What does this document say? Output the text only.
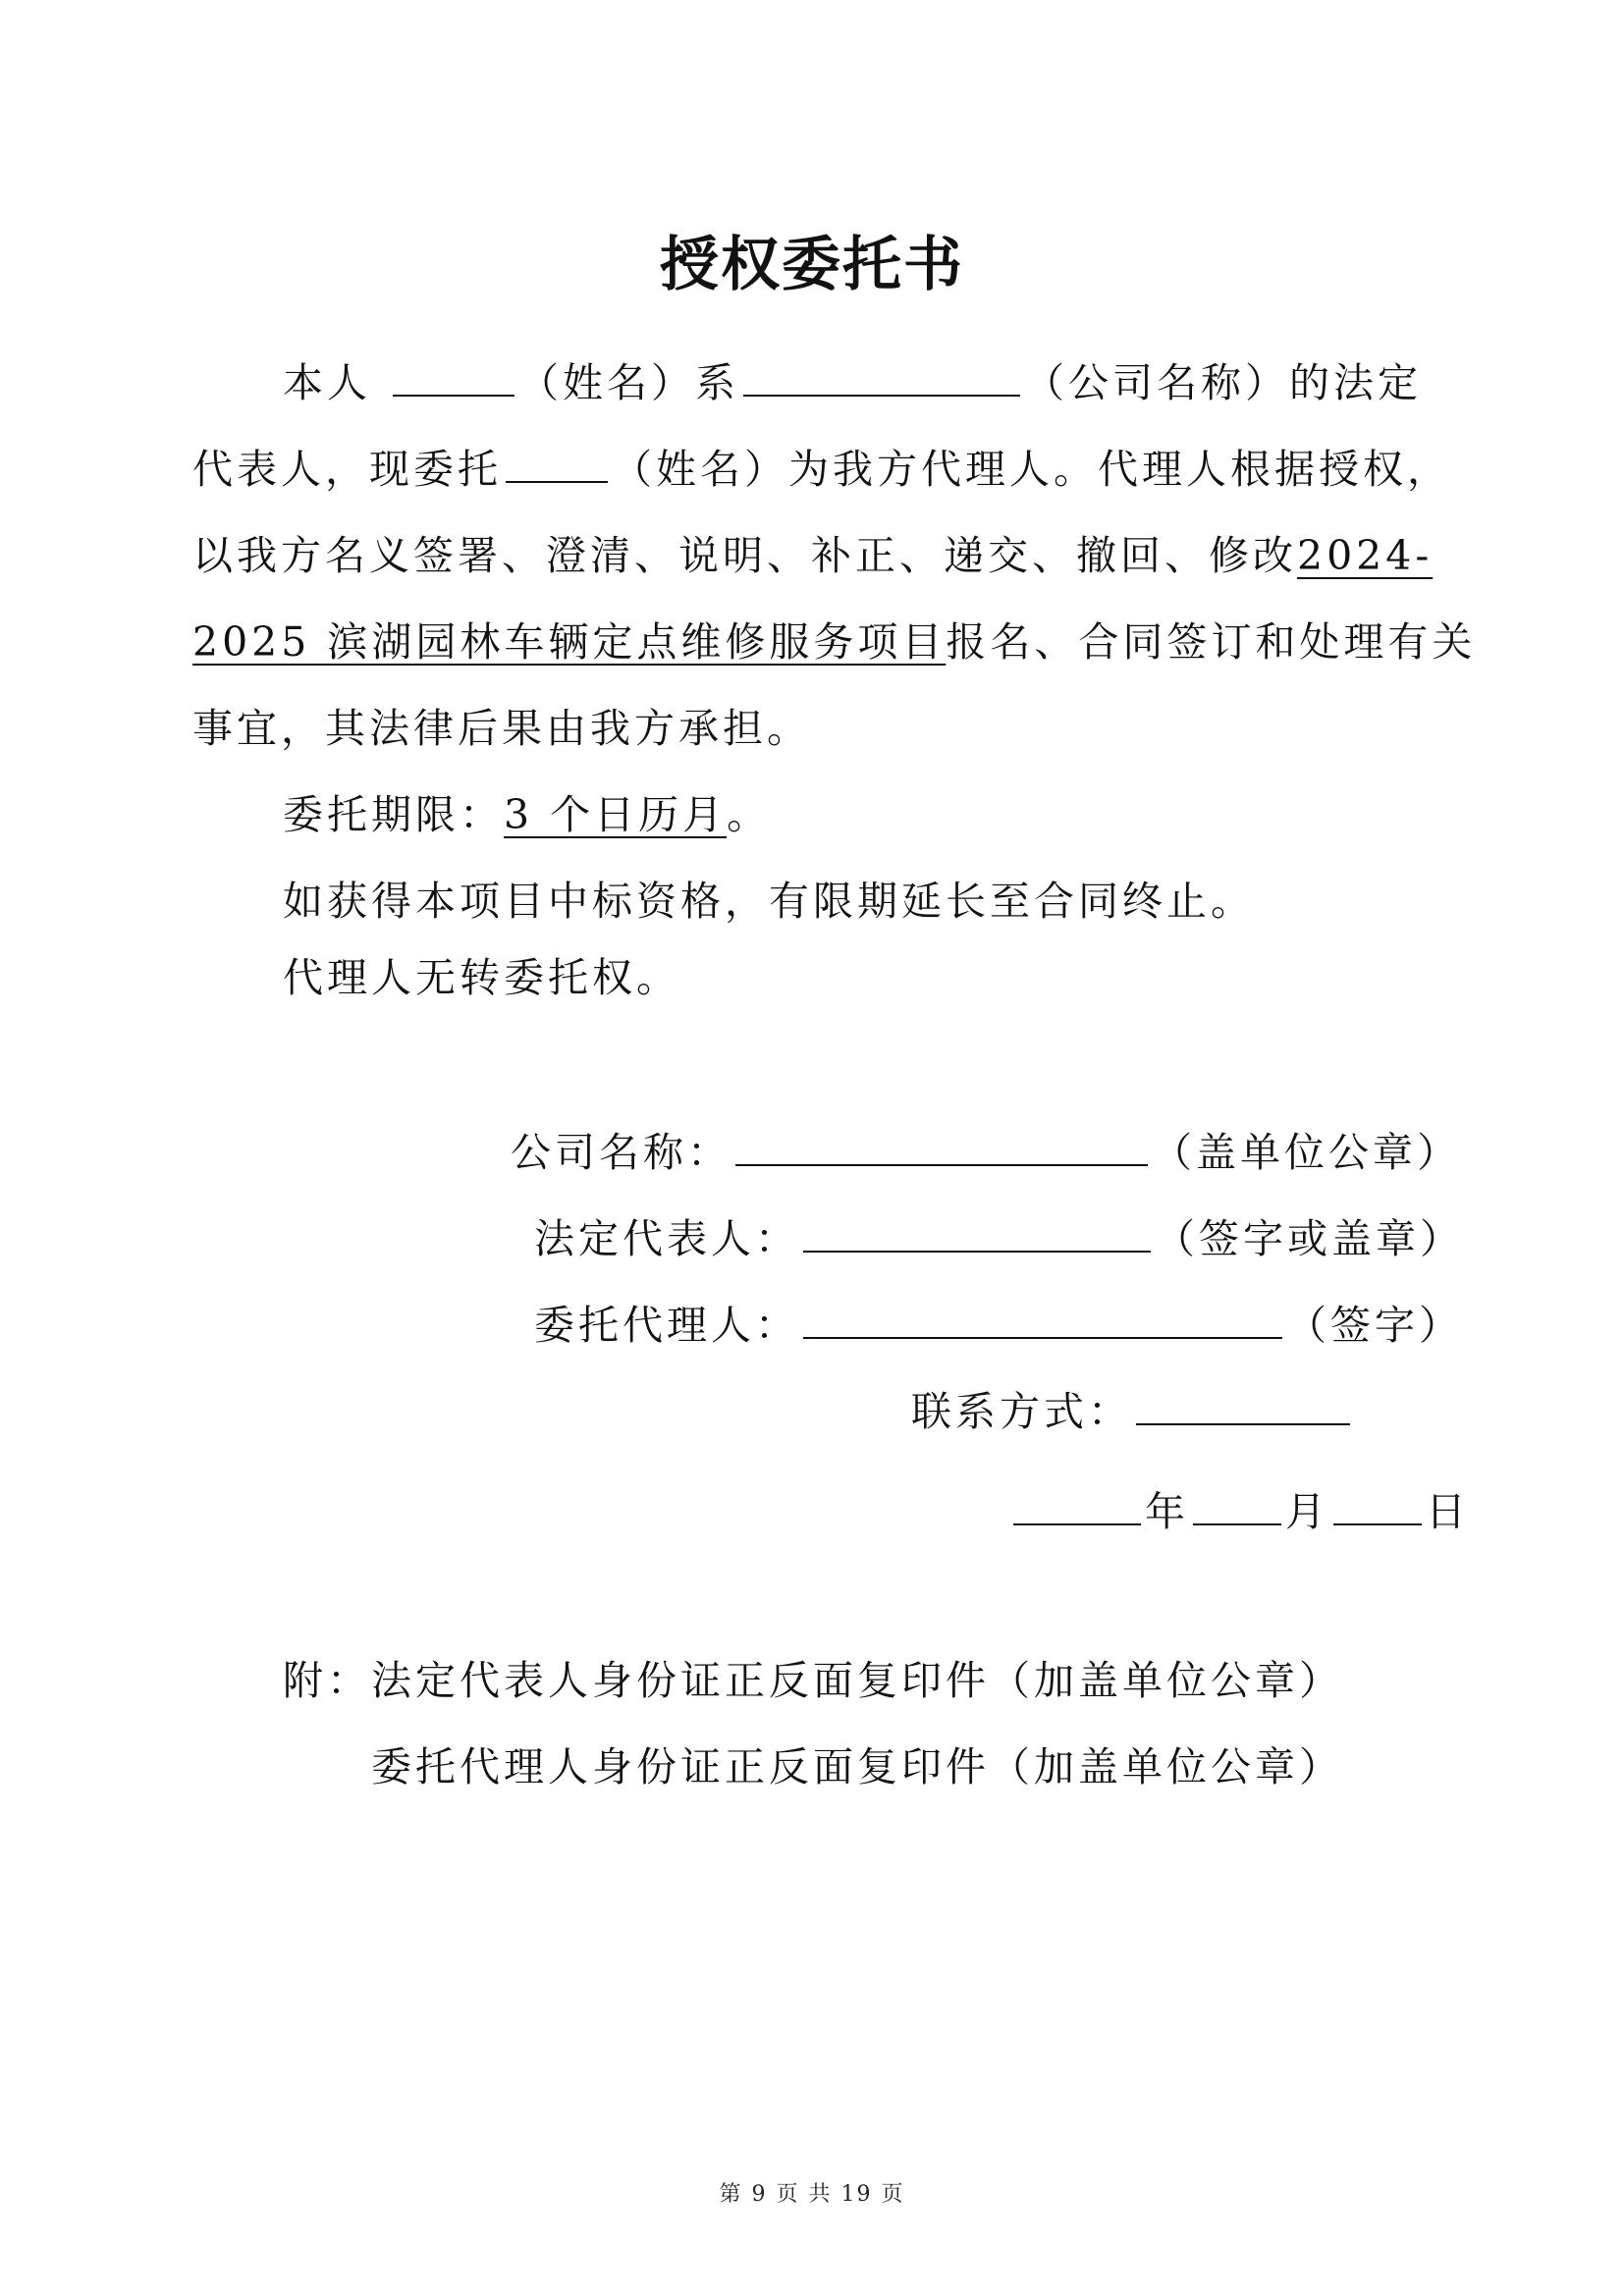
授权委托书
本人	（姓名）系	（公司名称）的法定
代表人，现委托	（姓名）为我方代理人。代理人根据授权，
以我方名义签署、澄清、说明、补正、递交、撤回、修改2024-
2025 滨湖园林车辆定点维修服务项目报名、合同签订和处理有关
事宜，其法律后果由我方承担。
委托期限：3 个日历月。
如获得本项目中标资格，有限期延长至合同终止。
代理人无转委托权。
公司名称：	（盖单位公章）
法定代表人：	（签字或盖章）
委托代理人：	（签字）
联系方式：
年 月 日
附：法定代表人身份证正反面复印件（加盖单位公章）
委托代理人身份证正反面复印件（加盖单位公章）
第 9 页 共 19 页
